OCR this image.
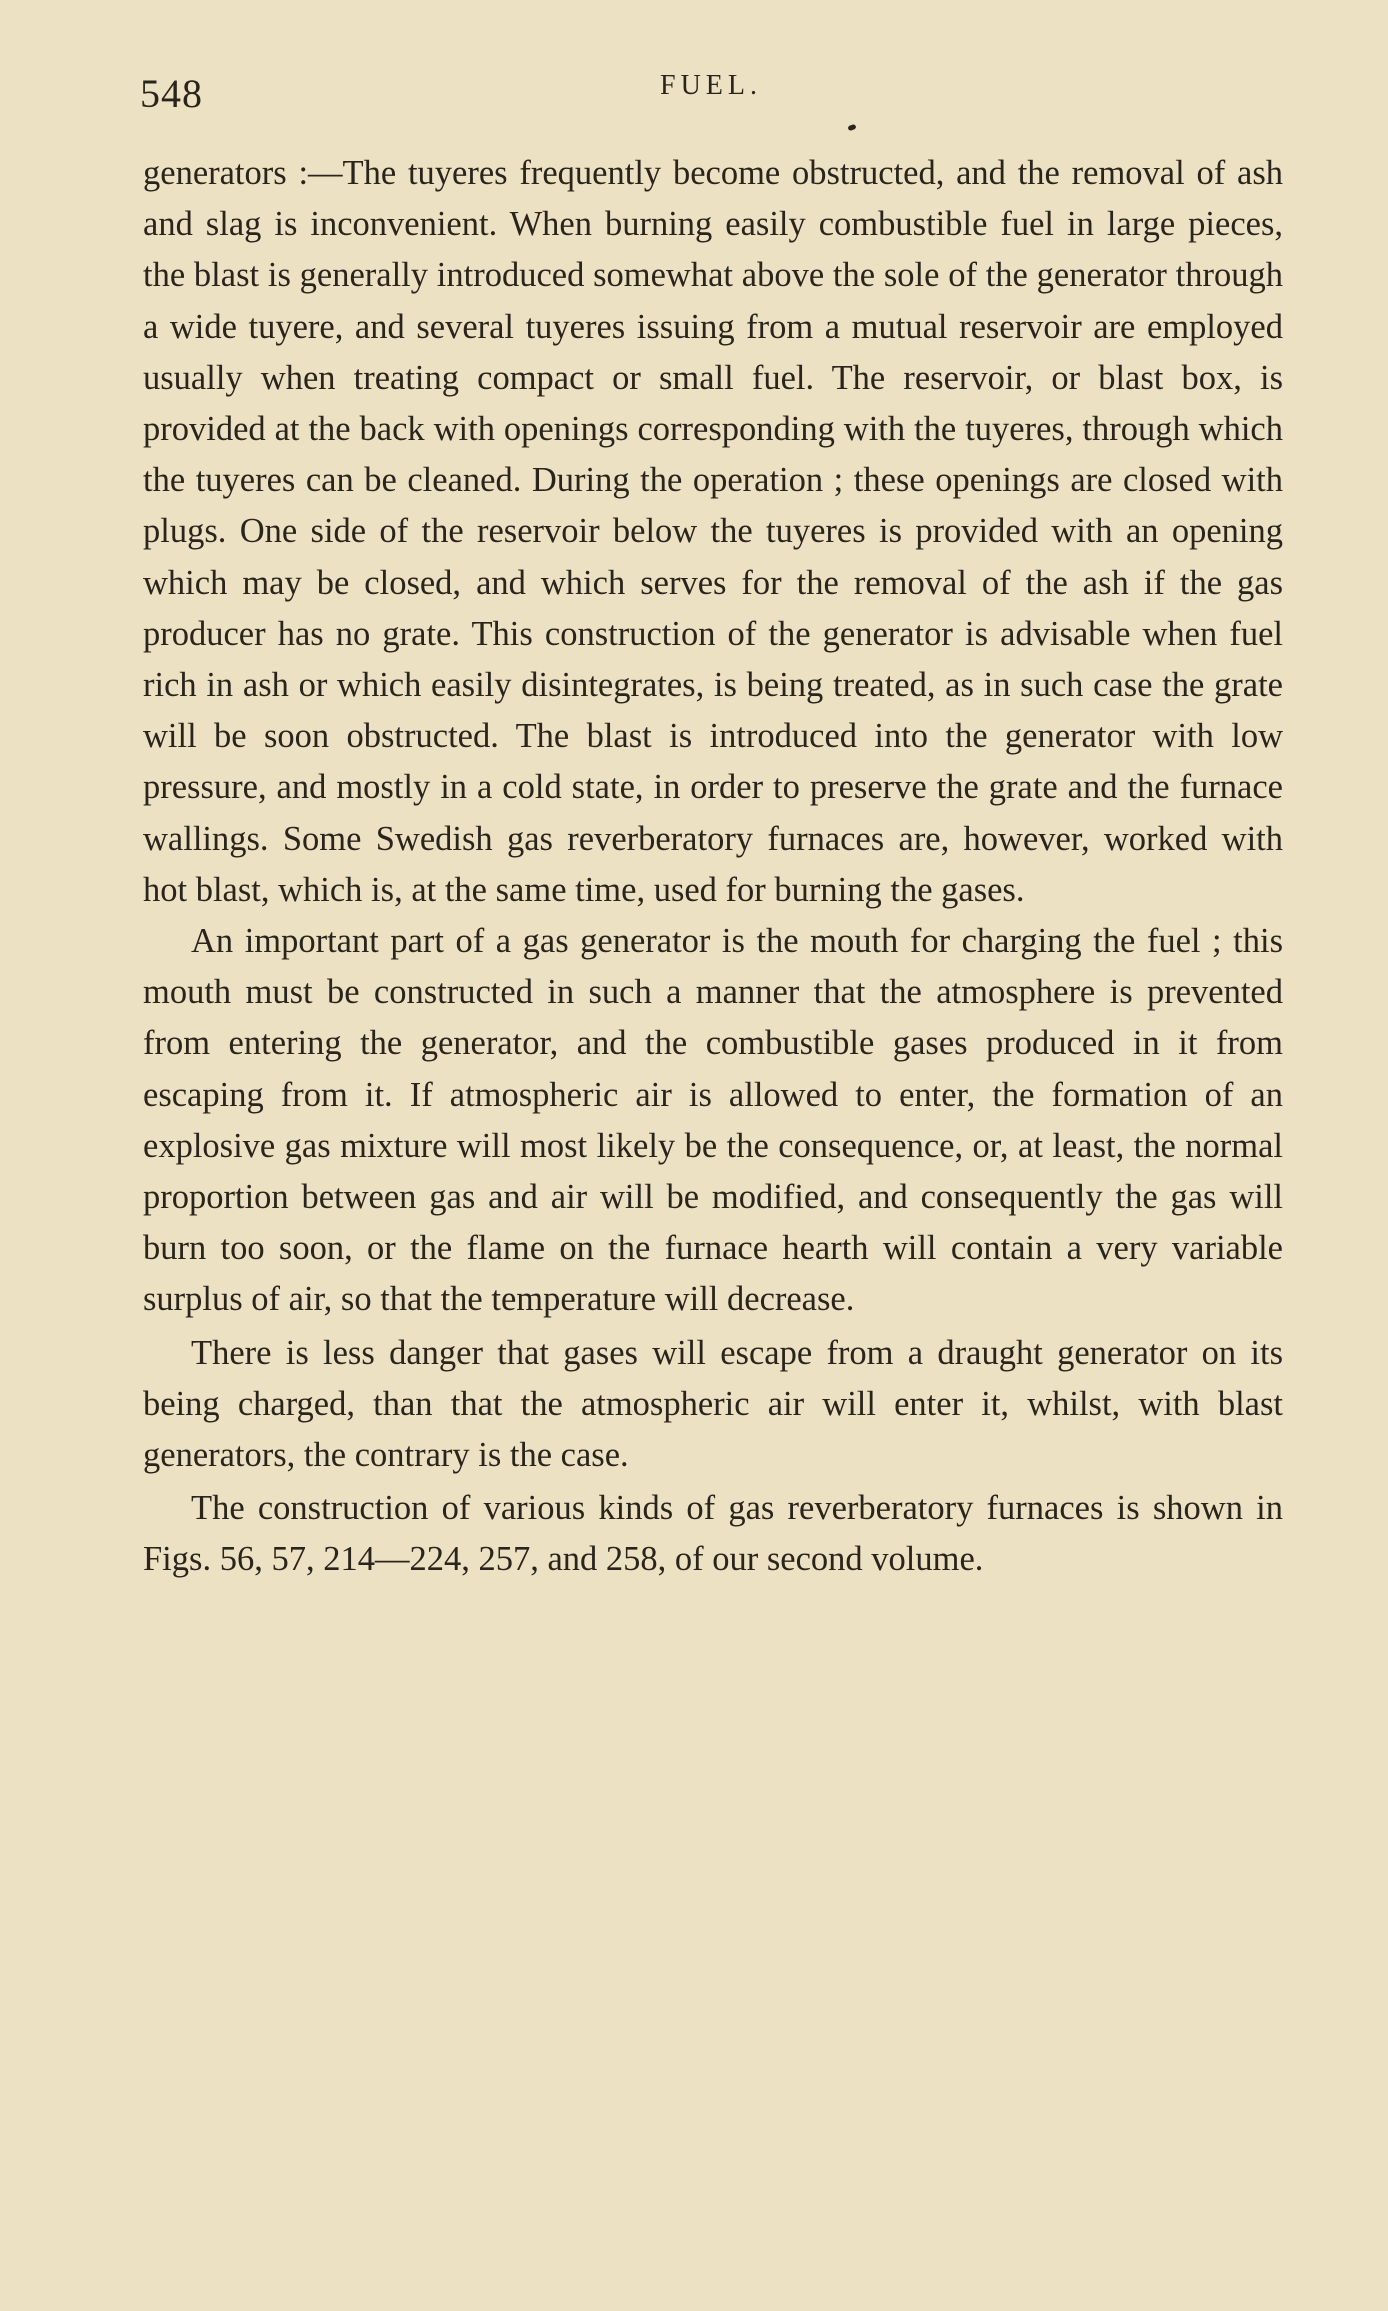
548	FUEL.

generators :—The tuyeres frequently become obstructed, and the removal of ash and slag is inconvenient. When burning easily combustible fuel in large pieces, the blast is generally introduced somewhat above the sole of the generator through a wide tuyere, and several tuyeres issuing from a mutual reservoir are employed usually when treating compact or small fuel. The reservoir, or blast box, is provided at the back with openings corresponding with the tuyeres, through which the tuyeres can be cleaned. During the operation ; these openings are closed with plugs. One side of the reservoir below the tuyeres is provided with an opening which may be closed, and which serves for the removal of the ash if the gas producer has no grate. This construction of the generator is advisable when fuel rich in ash or which easily disintegrates, is being treated, as in such case the grate will be soon obstructed. The blast is introduced into the generator with low pressure, and mostly in a cold state, in order to preserve the grate and the furnace wallings. Some Swedish gas reverberatory furnaces are, however, worked with hot blast, which is, at the same time, used for burning the gases.

An important part of a gas generator is the mouth for charging the fuel ; this mouth must be constructed in such a manner that the atmosphere is prevented from entering the generator, and the combustible gases produced in it from escaping from it. If atmospheric air is allowed to enter, the formation of an explosive gas mixture will most likely be the consequence, or, at least, the normal proportion between gas and air will be modified, and consequently the gas will burn too soon, or the flame on the furnace hearth will contain a very variable surplus of air, so that the temperature will decrease.

There is less danger that gases will escape from a draught generator on its being charged, than that the atmospheric air will enter it, whilst, with blast generators, the contrary is the case.

The construction of various kinds of gas reverberatory furnaces is shown in Figs. 56, 57, 214—224, 257, and 258, of our second volume.
